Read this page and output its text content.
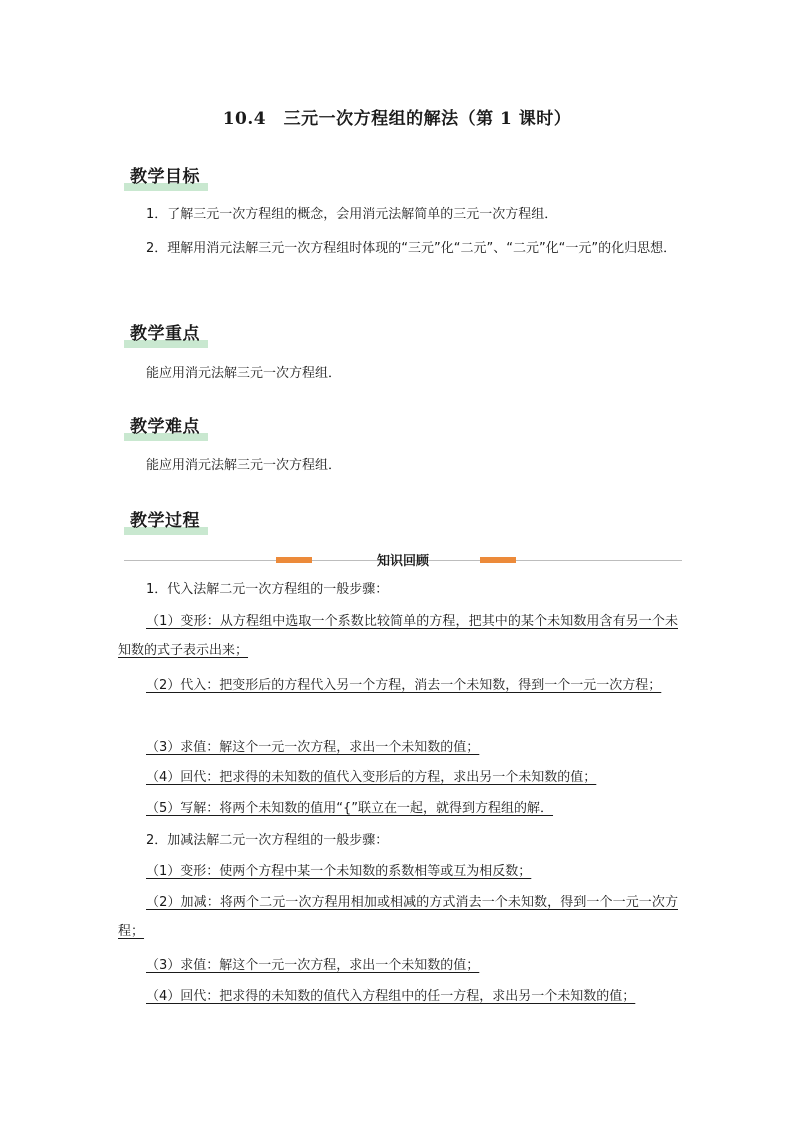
10.4　三元一次方程组的解法（第 1 课时）
教学目标
1．了解三元一次方程组的概念，会用消元法解简单的三元一次方程组．
2．理解用消元法解三元一次方程组时体现的“三元”化“二元”、“二元”化“一元”的化归思想．
教学重点
能应用消元法解三元一次方程组．
教学难点
能应用消元法解三元一次方程组．
教学过程
知识回顾
1．代入法解二元一次方程组的一般步骤：
（1）变形：从方程组中选取一个系数比较简单的方程，把其中的某个未知数用含有另一个未知数的式子表示出来；
（2）代入：把变形后的方程代入另一个方程，消去一个未知数，得到一个一元一次方程；
（3）求值：解这个一元一次方程，求出一个未知数的值；
（4）回代：把求得的未知数的值代入变形后的方程，求出另一个未知数的值；
（5）写解：将两个未知数的值用“{”联立在一起，就得到方程组的解．
2．加减法解二元一次方程组的一般步骤：
（1）变形：使两个方程中某一个未知数的系数相等或互为相反数；
（2）加减：将两个二元一次方程用相加或相减的方式消去一个未知数，得到一个一元一次方程；
（3）求值：解这个一元一次方程，求出一个未知数的值；
（4）回代：把求得的未知数的值代入方程组中的任一方程，求出另一个未知数的值；
